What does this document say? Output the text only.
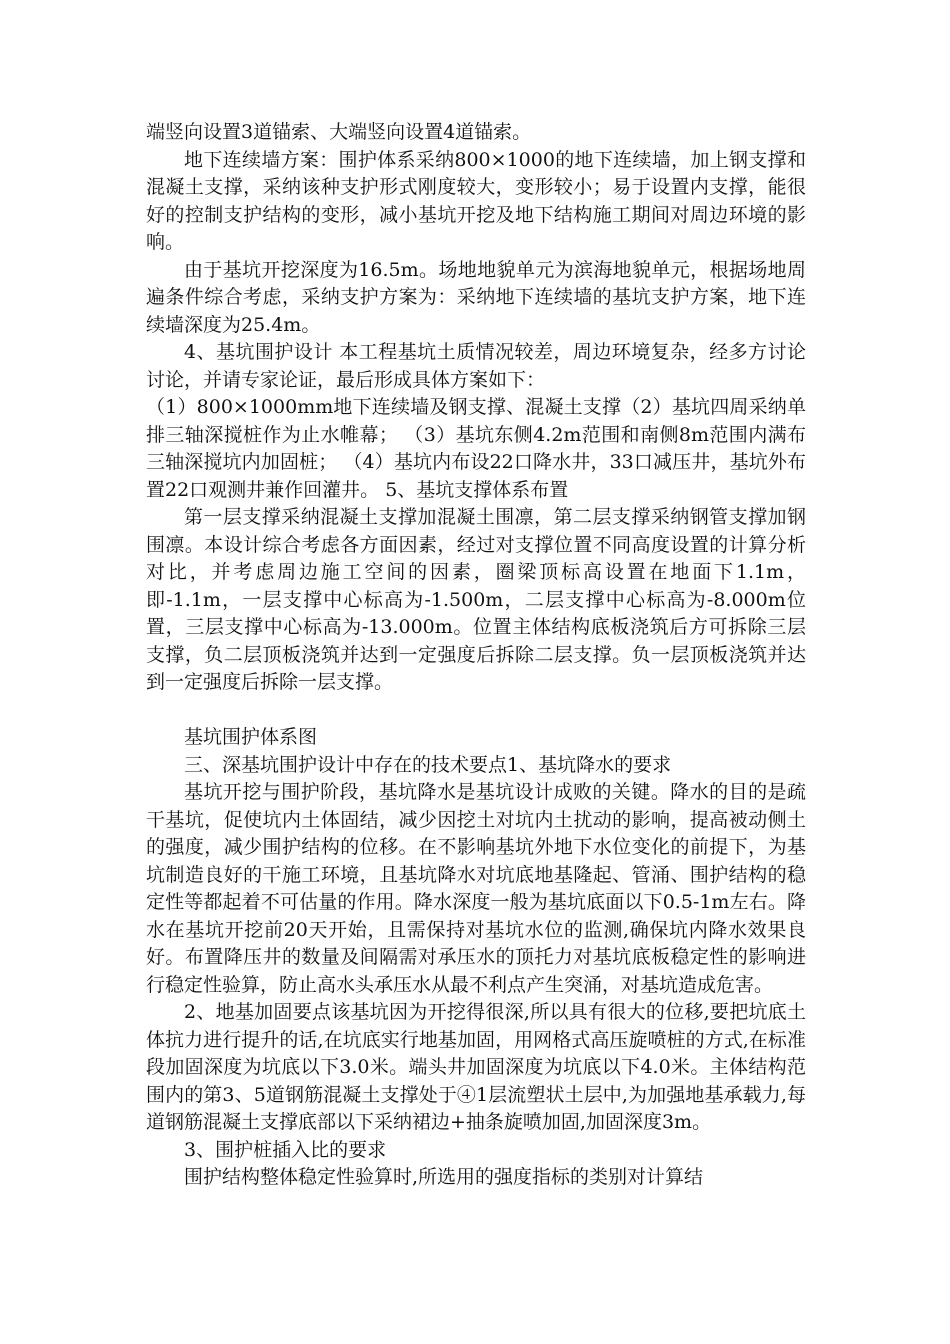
端竖向设置3道锚索、大端竖向设置4道锚索。

地下连续墙方案：围护体系采纳800×1000的地下连续墙，加上钢支撑和混凝土支撑，采纳该种支护形式刚度较大，变形较小；易于设置内支撑，能很好的控制支护结构的变形，减小基坑开挖及地下结构施工期间对周边环境的影响。

由于基坑开挖深度为16.5m。场地地貌单元为滨海地貌单元，根据场地周遍条件综合考虑，采纳支护方案为：采纳地下连续墙的基坑支护方案，地下连续墙深度为25.4m。

4、基坑围护设计 本工程基坑土质情况较差，周边环境复杂，经多方讨论讨论，并请专家论证，最后形成具体方案如下：

（1）800×1000mm地下连续墙及钢支撑、混凝土支撑（2）基坑四周采纳单排三轴深搅桩作为止水帷幕； （3）基坑东侧4.2m范围和南侧8m范围内满布三轴深搅坑内加固桩； （4）基坑内布设22口降水井，33口减压井，基坑外布置22口观测井兼作回灌井。 5、基坑支撑体系布置

第一层支撑采纳混凝土支撑加混凝土围凛，第二层支撑采纳钢管支撑加钢围凛。本设计综合考虑各方面因素，经过对支撑位置不同高度设置的计算分析对比，并考虑周边施工空间的因素，圈梁顶标高设置在地面下1.1m，即-1.1m，一层支撑中心标高为-1.500m，二层支撑中心标高为-8.000m位置，三层支撑中心标高为-13.000m。位置主体结构底板浇筑后方可拆除三层支撑，负二层顶板浇筑并达到一定强度后拆除二层支撑。负一层顶板浇筑并达到一定强度后拆除一层支撑。

基坑围护体系图

三、深基坑围护设计中存在的技术要点1、基坑降水的要求

基坑开挖与围护阶段，基坑降水是基坑设计成败的关键。降水的目的是疏干基坑，促使坑内土体固结，减少因挖土对坑内土扰动的影响，提高被动侧土的强度，减少围护结构的位移。在不影响基坑外地下水位变化的前提下，为基坑制造良好的干施工环境，且基坑降水对坑底地基隆起、管涌、围护结构的稳定性等都起着不可估量的作用。降水深度一般为基坑底面以下0.5-1m左右。降水在基坑开挖前20天开始，且需保持对基坑水位的监测,确保坑内降水效果良好。布置降压井的数量及间隔需对承压水的顶托力对基坑底板稳定性的影响进行稳定性验算，防止高水头承压水从最不利点产生突涌，对基坑造成危害。

2、地基加固要点该基坑因为开挖得很深,所以具有很大的位移,要把坑底土体抗力进行提升的话,在坑底实行地基加固，用网格式高压旋喷桩的方式,在标准段加固深度为坑底以下3.0米。端头井加固深度为坑底以下4.0米。主体结构范围内的第3、5道钢筋混凝土支撑处于④1层流塑状土层中,为加强地基承载力,每道钢筋混凝土支撑底部以下采纳裙边+抽条旋喷加固,加固深度3m。

3、围护桩插入比的要求

围护结构整体稳定性验算时,所选用的强度指标的类别对计算结
